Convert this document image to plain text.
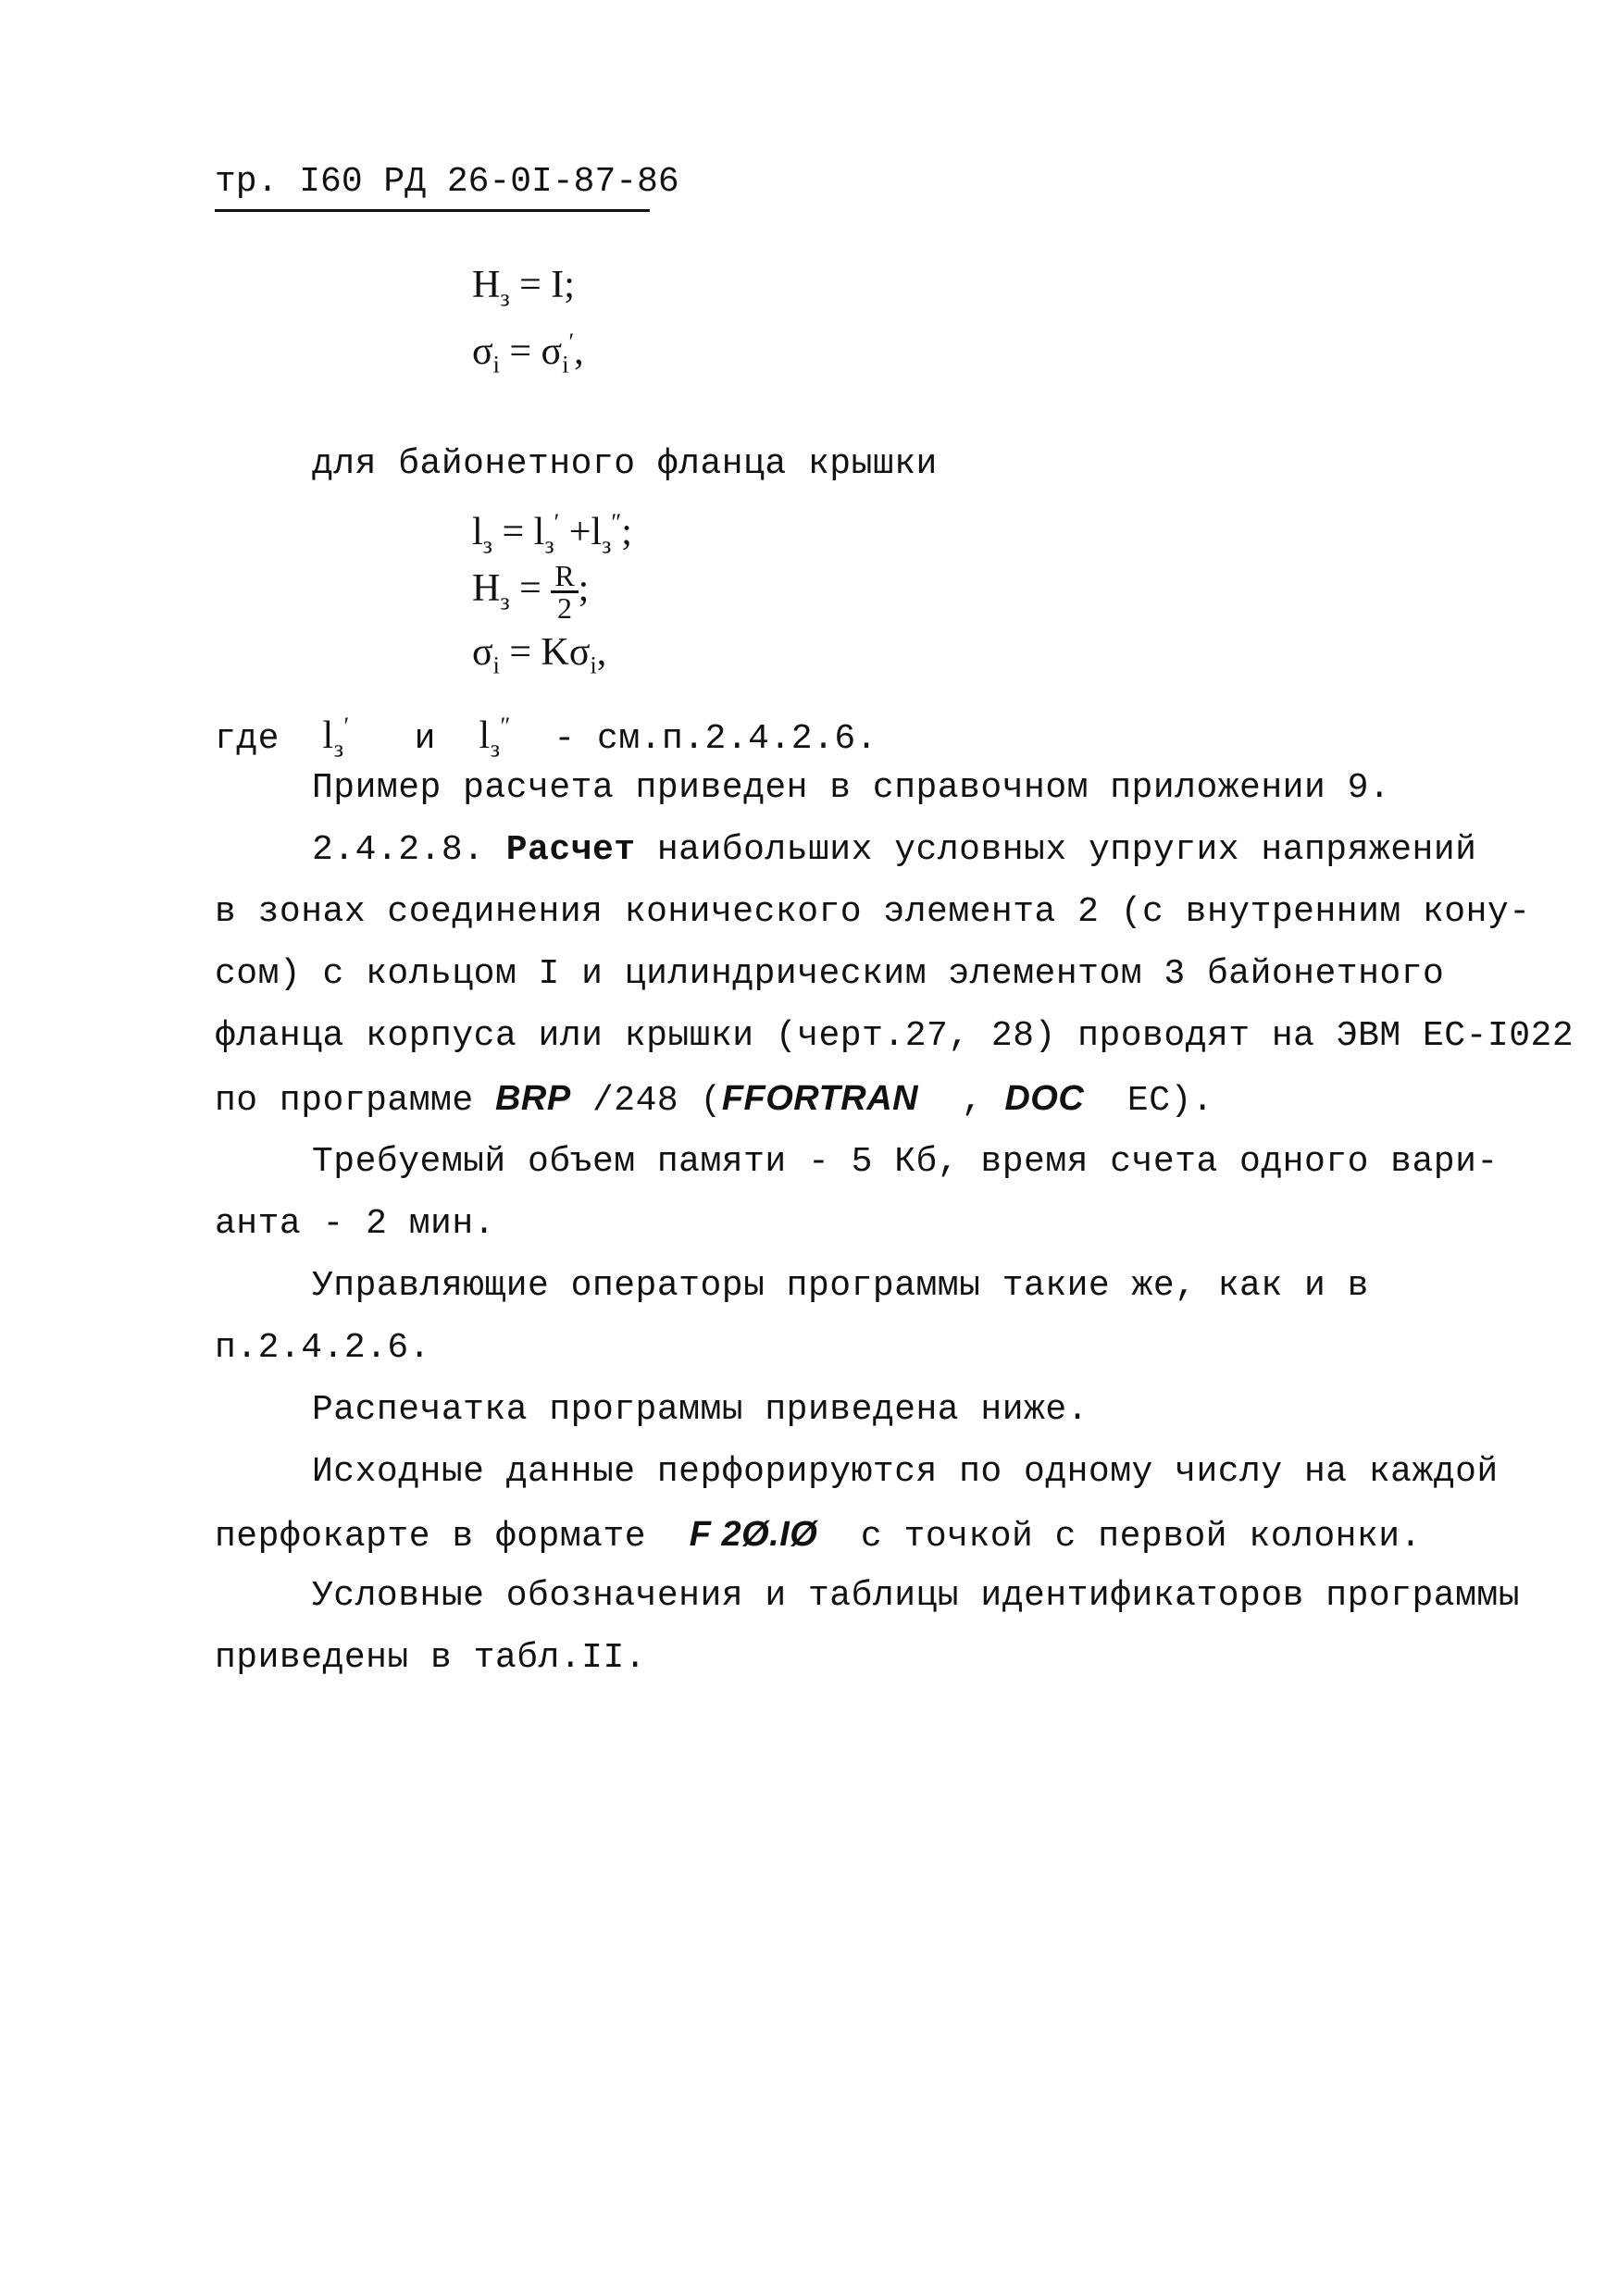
тр. I60 РД 26-0I-87-86
$H_з = I$;
$\sigma_i = \sigma_i'$,
для байонетного фланца крышки
$l_з = l_з' +l_з''$;
$H_з = \frac{R}{2}$ ;
$\sigma_i = K\sigma_i$,
где $l_з'$ и $l_з'' - см.п.2.4.2.6$.
Пример расчета приведен в справочном приложении 9.
2.4.2.8. Расчет наибольших условных упругих напряжений
в зонах соединения конического элемента 2 (с внутренним кону-
сом) с кольцом I и цилиндрическим элементом 3 байонетного
фланца корпуса или крышки (черт.27, 28) проводят на ЭВМ ЕС-I022
по программе BRP /248 (FFORTRAN  , DOC  ЕС).
Требуемый объем памяти - 5 Кб, время счета одного вари-
анта - 2 мин.
Управляющие операторы программы такие же, как и в
п.2.4.2.6.
Распечатка программы приведена ниже.
Исходные данные перфорируются по одному числу на каждой
перфокарте в формате  F 2Ø.IØ  с точкой с первой колонки.
Условные обозначения и таблицы идентификаторов программы
приведены в табл.II.
